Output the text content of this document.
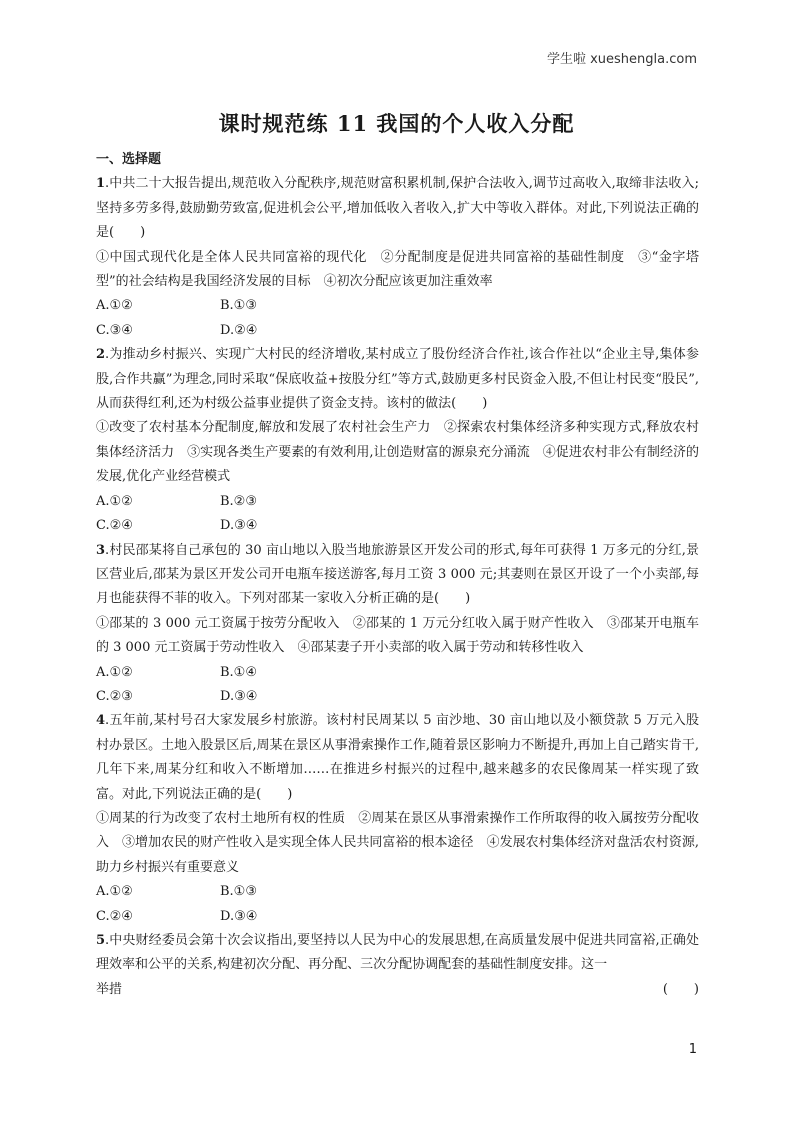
学生啦 xueshengla.com
课时规范练 11 我国的个人收入分配
一、选择题
1.中共二十大报告提出,规范收入分配秩序,规范财富积累机制,保护合法收入,调节过高收入,取缔非法收入;坚持多劳多得,鼓励勤劳致富,促进机会公平,增加低收入者收入,扩大中等收入群体。对此,下列说法正确的是(　　)
①中国式现代化是全体人民共同富裕的现代化　②分配制度是促进共同富裕的基础性制度　③“金字塔型”的社会结构是我国经济发展的目标　④初次分配应该更加注重效率
A.①②	B.①③
C.③④	D.②④
2.为推动乡村振兴、实现广大村民的经济增收,某村成立了股份经济合作社,该合作社以“企业主导,集体参股,合作共赢”为理念,同时采取“保底收益+按股分红”等方式,鼓励更多村民资金入股,不但让村民变“股民”,从而获得红利,还为村级公益事业提供了资金支持。该村的做法(　　)
①改变了农村基本分配制度,解放和发展了农村社会生产力　②探索农村集体经济多种实现方式,释放农村集体经济活力　③实现各类生产要素的有效利用,让创造财富的源泉充分涌流　④促进农村非公有制经济的发展,优化产业经营模式
A.①②	B.②③
C.②④	D.③④
3.村民邵某将自己承包的 30 亩山地以入股当地旅游景区开发公司的形式,每年可获得 1 万多元的分红,景区营业后,邵某为景区开发公司开电瓶车接送游客,每月工资 3 000 元;其妻则在景区开设了一个小卖部,每月也能获得不菲的收入。下列对邵某一家收入分析正确的是(　　)
①邵某的 3 000 元工资属于按劳分配收入　②邵某的 1 万元分红收入属于财产性收入　③邵某开电瓶车的 3 000 元工资属于劳动性收入　④邵某妻子开小卖部的收入属于劳动和转移性收入
A.①②	B.①④
C.②③	D.③④
4.五年前,某村号召大家发展乡村旅游。该村村民周某以 5 亩沙地、30 亩山地以及小额贷款 5 万元入股村办景区。土地入股景区后,周某在景区从事滑索操作工作,随着景区影响力不断提升,再加上自己踏实肯干,几年下来,周某分红和收入不断增加……在推进乡村振兴的过程中,越来越多的农民像周某一样实现了致富。对此,下列说法正确的是(　　)
①周某的行为改变了农村土地所有权的性质　②周某在景区从事滑索操作工作所取得的收入属按劳分配收入　③增加农民的财产性收入是实现全体人民共同富裕的根本途径　④发展农村集体经济对盘活农村资源,助力乡村振兴有重要意义
A.①②	B.①③
C.②④	D.③④
5.中央财经委员会第十次会议指出,要坚持以人民为中心的发展思想,在高质量发展中促进共同富裕,正确处理效率和公平的关系,构建初次分配、再分配、三次分配协调配套的基础性制度安排。这一
举措	(　　)
1
